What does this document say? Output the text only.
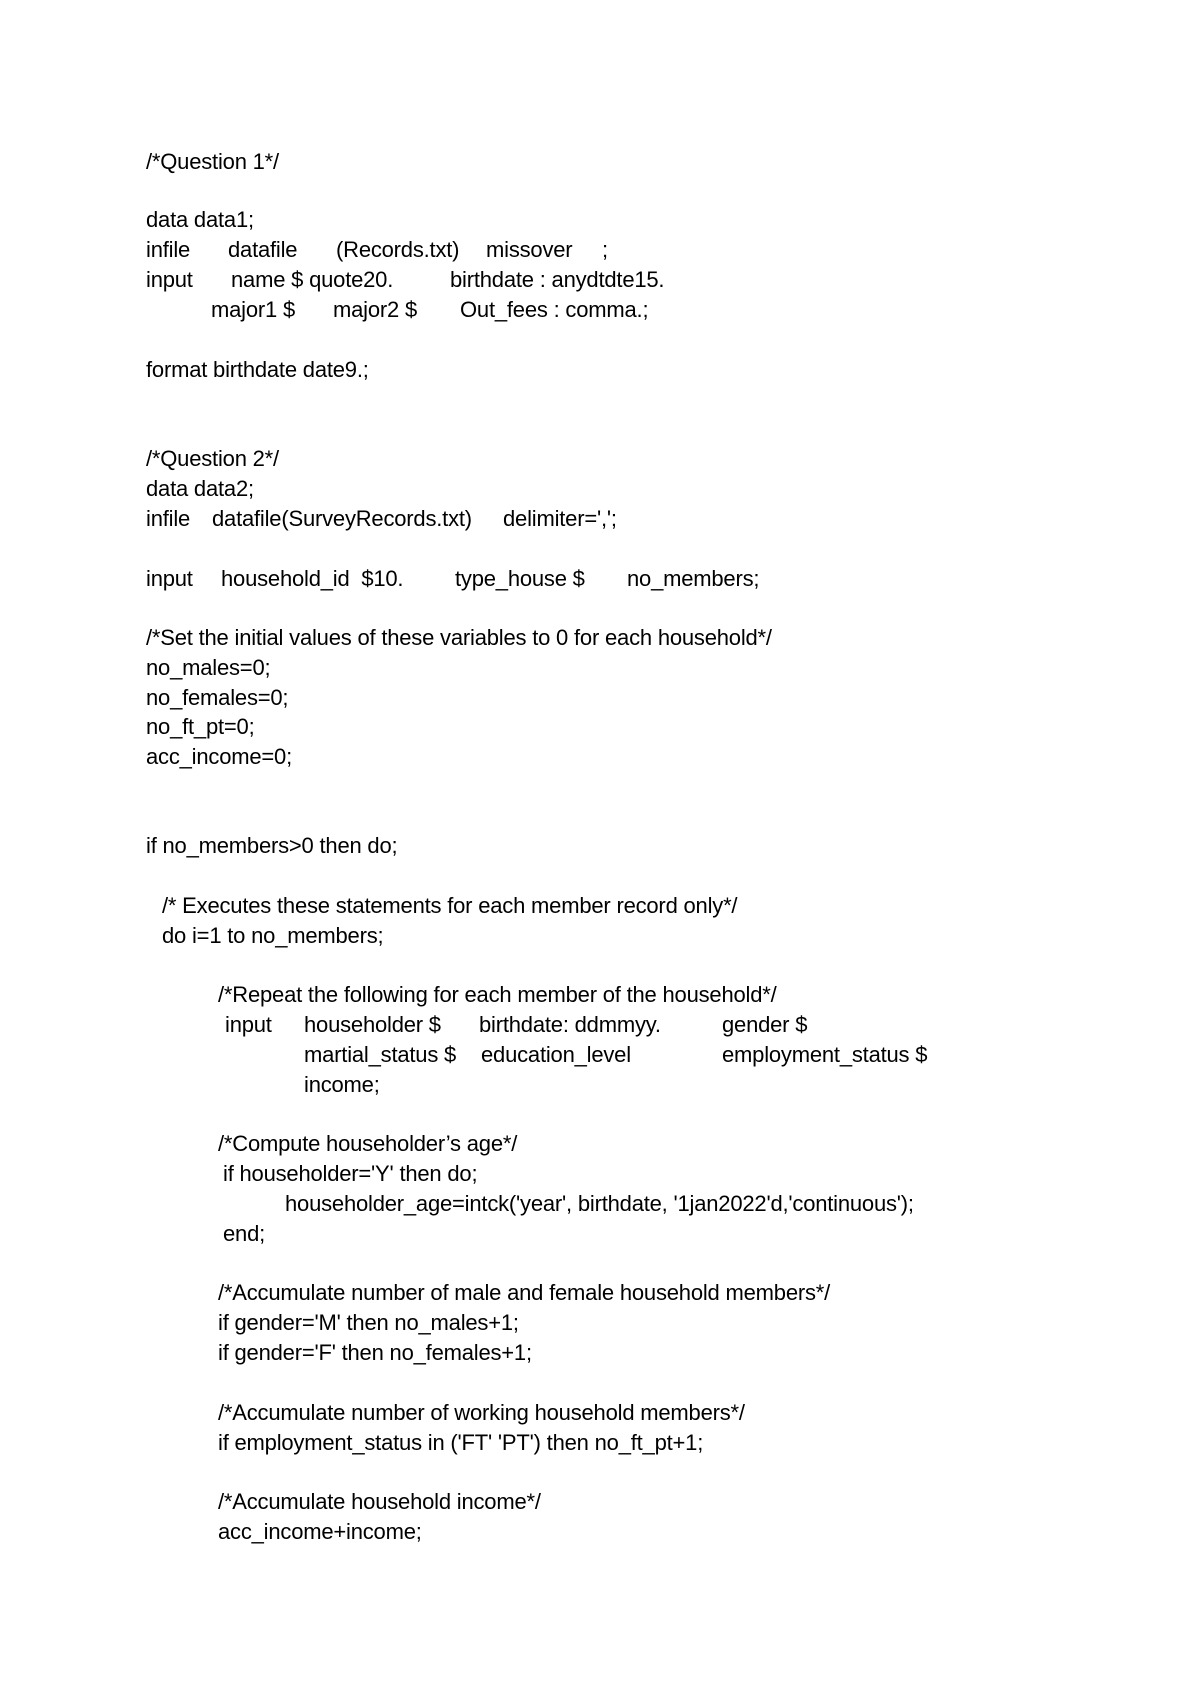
/*Question 1*/
data data1;
infile datafile (Records.txt) missover ;
input name $ quote20.	birthdate : anydtdte15.
major1 $ major2 $ Out_fees : comma.;
format birthdate date9.;
/*Question 2*/
data data2;
infile datafile(SurveyRecords.txt) delimiter=',';
input household_id  $10. type_house $ no_members;
/*Set the initial values of these variables to 0 for each household*/
no_males=0;
no_females=0;
no_ft_pt=0;
acc_income=0;
if no_members>0 then do;
/* Executes these statements for each member record only*/
do i=1 to no_members;
/*Repeat the following for each member of the household*/
input householder $ birthdate: ddmmyy.	gender $
martial_status $ education_level	employment_status $
income;
/*Compute householder’s age*/
if householder='Y' then do;
householder_age=intck('year', birthdate, '1jan2022'd,'continuous');
end;
/*Accumulate number of male and female household members*/
if gender='M' then no_males+1;
if gender='F' then no_females+1;
/*Accumulate number of working household members*/
if employment_status in ('FT' 'PT') then no_ft_pt+1;
/*Accumulate household income*/
acc_income+income;
